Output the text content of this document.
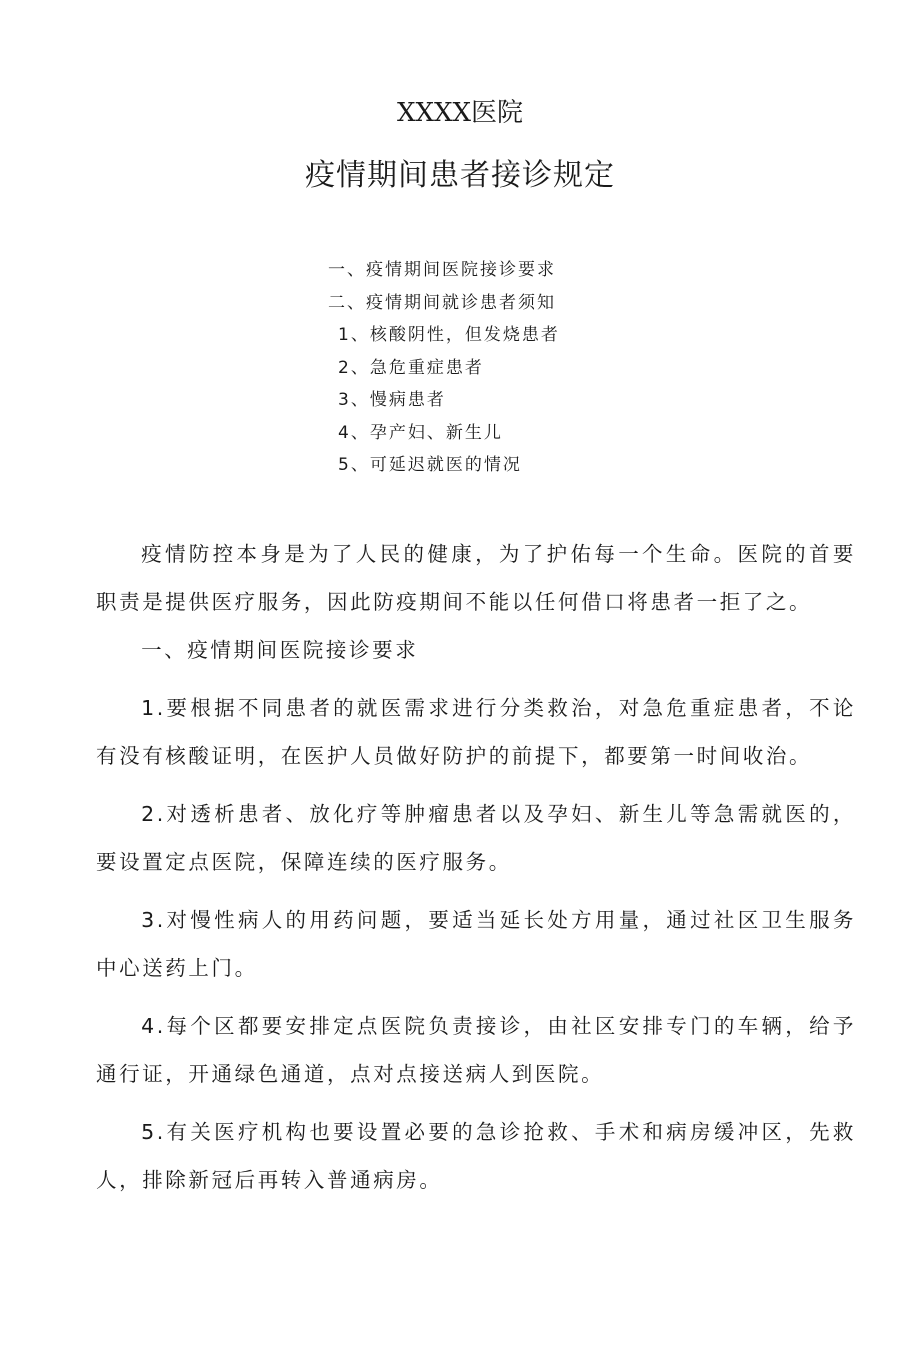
XXXX医院
疫情期间患者接诊规定
一、疫情期间医院接诊要求
二、疫情期间就诊患者须知
1、核酸阴性，但发烧患者
2、急危重症患者
3、慢病患者
4、孕产妇、新生儿
5、可延迟就医的情况

疫情防控本身是为了人民的健康，为了护佑每一个生命。医院的首要职责是提供医疗服务，因此防疫期间不能以任何借口将患者一拒了之。

一、疫情期间医院接诊要求

1.要根据不同患者的就医需求进行分类救治，对急危重症患者，不论有没有核酸证明，在医护人员做好防护的前提下，都要第一时间收治。

2.对透析患者、放化疗等肿瘤患者以及孕妇、新生儿等急需就医的，要设置定点医院，保障连续的医疗服务。

3.对慢性病人的用药问题，要适当延长处方用量，通过社区卫生服务中心送药上门。

4.每个区都要安排定点医院负责接诊，由社区安排专门的车辆，给予通行证，开通绿色通道，点对点接送病人到医院。

5.有关医疗机构也要设置必要的急诊抢救、手术和病房缓冲区，先救人，排除新冠后再转入普通病房。
